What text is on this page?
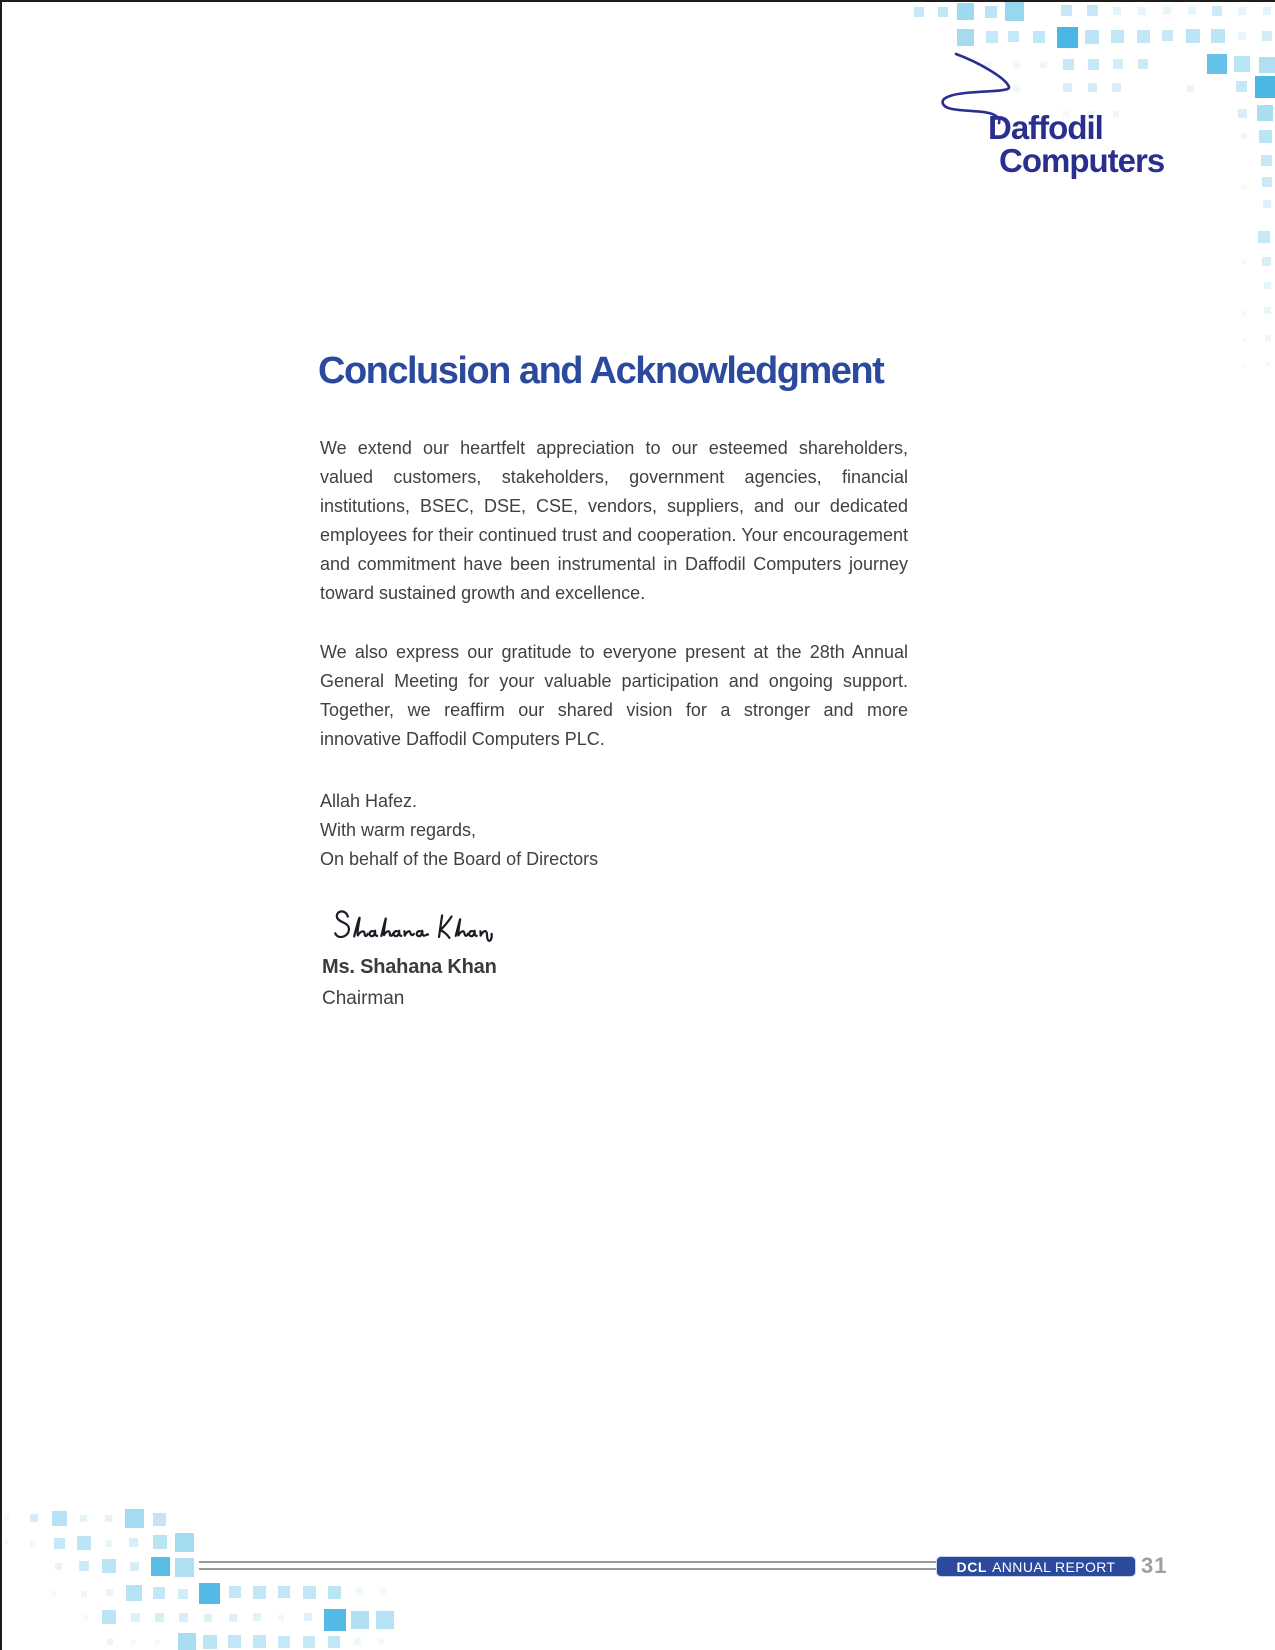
Daffodil
Computers
Conclusion and Acknowledgment
We extend our heartfelt appreciation to our esteemed shareholders, valued customers, stakeholders, government agencies, financial institutions, BSEC, DSE, CSE, vendors, suppliers, and our dedicated employees for their continued trust and cooperation. Your encouragement and commitment have been instrumental in Daffodil Computers journey toward sustained growth and excellence.
We also express our gratitude to everyone present at the 28th Annual General Meeting for your valuable participation and ongoing support. Together, we reaffirm our shared vision for a stronger and more innovative Daffodil Computers PLC.
Allah Hafez.
With warm regards,
On behalf of the Board of Directors
Ms. Shahana Khan
Chairman
DCL ANNUAL REPORT 31
